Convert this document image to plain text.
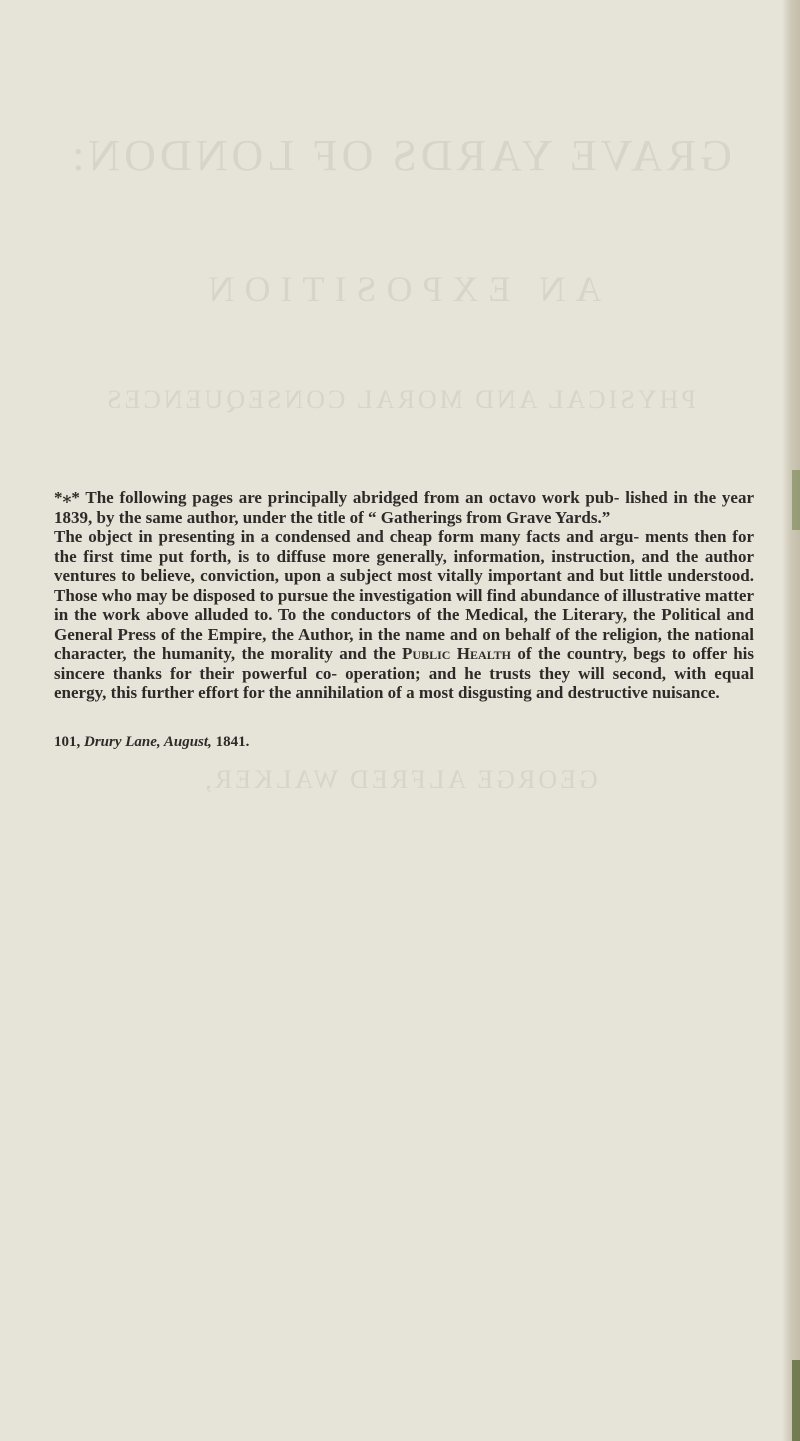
GRAVE YARDS OF LONDON:
AN EXPOSITION
PHYSICAL AND MORAL CONSEQUENCES
GEORGE ALFRED WALKER,

*⁎* The following pages are principally abridged from an octavo work pub- lished in the year 1839, by the same author, under the title of “ Gatherings from Grave Yards.”

The object in presenting in a condensed and cheap form many facts and argu- ments then for the first time put forth, is to diffuse more generally, information, instruction, and the author ventures to believe, conviction, upon a subject most vitally important and but little understood. Those who may be disposed to pursue the investigation will find abundance of illustrative matter in the work above alluded to. To the conductors of the Medical, the Literary, the Political and General Press of the Empire, the Author, in the name and on behalf of the religion, the national character, the humanity, the morality and the Public Health of the country, begs to offer his sincere thanks for their powerful co- operation; and he trusts they will second, with equal energy, this further effort for the annihilation of a most disgusting and destructive nuisance.

101, Drury Lane, August, 1841.
